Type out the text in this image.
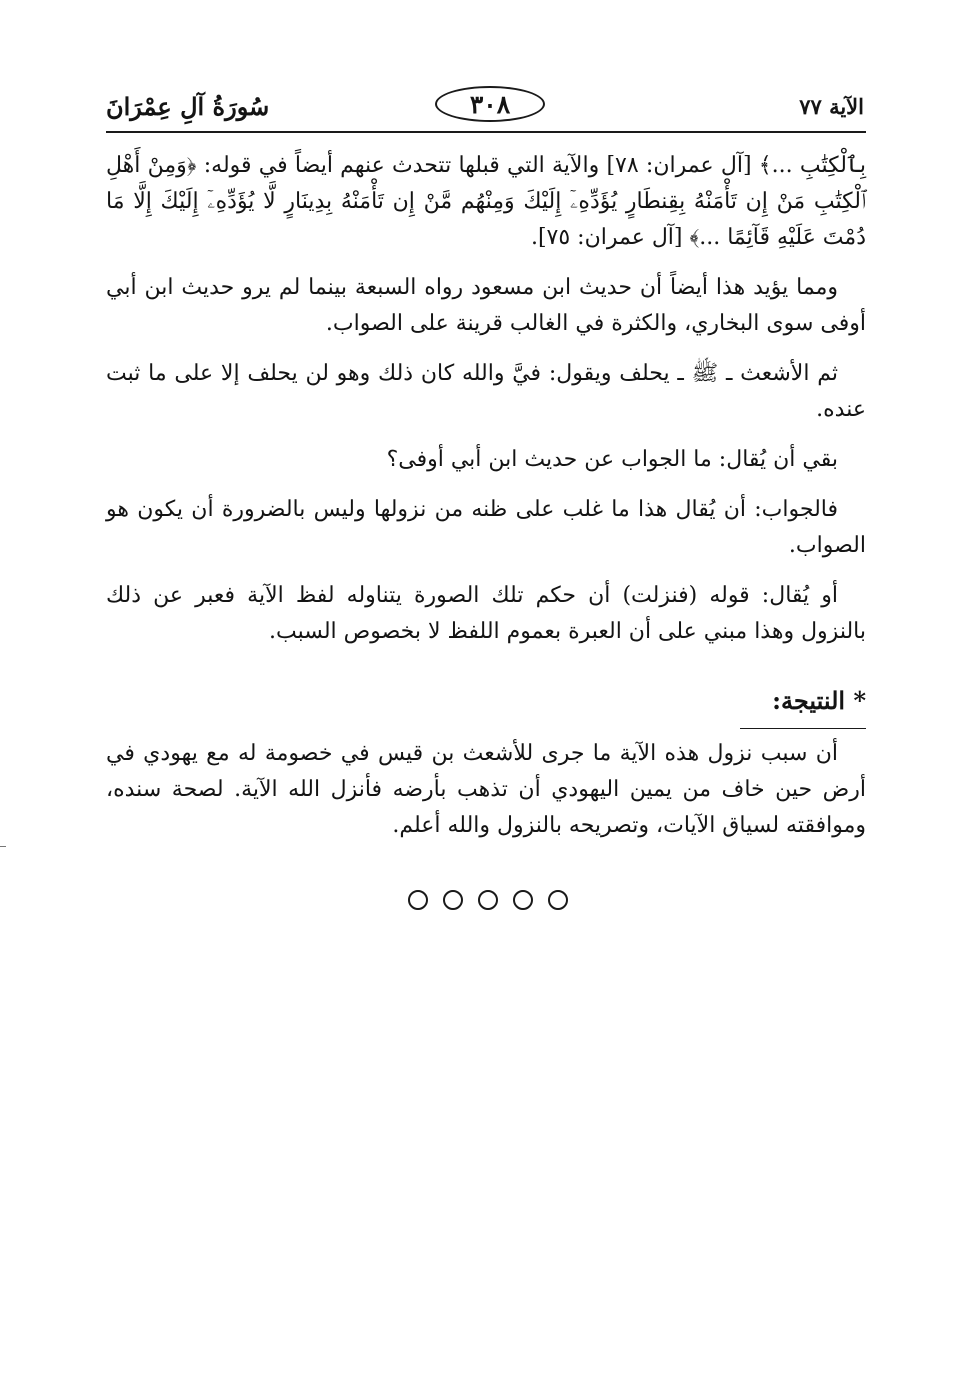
سُورَةُ آلِ عِمْرَانَ	٣٠٨	الآية ٧٧

بِٱلْكِتَٰبِ ...﴾ [آل عمران: ٧٨] والآية التي قبلها تتحدث عنهم أيضاً في قوله: ﴿وَمِنْ أَهْلِ ٱلْكِتَٰبِ مَنْ إِن تَأْمَنْهُ بِقِنطَارٍ يُؤَدِّهِۦٓ إِلَيْكَ وَمِنْهُم مَّنْ إِن تَأْمَنْهُ بِدِينَارٍ لَّا يُؤَدِّهِۦٓ إِلَيْكَ إِلَّا مَا دُمْتَ عَلَيْهِ قَآئِمًا ...﴾ [آل عمران: ٧٥].

ومما يؤيد هذا أيضاً أن حديث ابن مسعود رواه السبعة بينما لم يرو حديث ابن أبي أوفى سوى البخاري، والكثرة في الغالب قرينة على الصواب.

ثم الأشعث ـ ﷺ ـ يحلف ويقول: فيَّ والله كان ذلك وهو لن يحلف إلا على ما ثبت عنده.

بقي أن يُقال: ما الجواب عن حديث ابن أبي أوفى؟

فالجواب: أن يُقال هذا ما غلب على ظنه من نزولها وليس بالضرورة أن يكون هو الصواب.

أو يُقال: قوله (فنزلت) أن حكم تلك الصورة يتناوله لفظ الآية فعبر عن ذلك بالنزول وهذا مبني على أن العبرة بعموم اللفظ لا بخصوص السبب.

* النتيجة:

أن سبب نزول هذه الآية ما جرى للأشعث بن قيس في خصومة له مع يهودي في أرض حين خاف من يمين اليهودي أن تذهب بأرضه فأنزل الله الآية. لصحة سنده، وموافقته لسياق الآيات، وتصريحه بالنزول والله أعلم.
